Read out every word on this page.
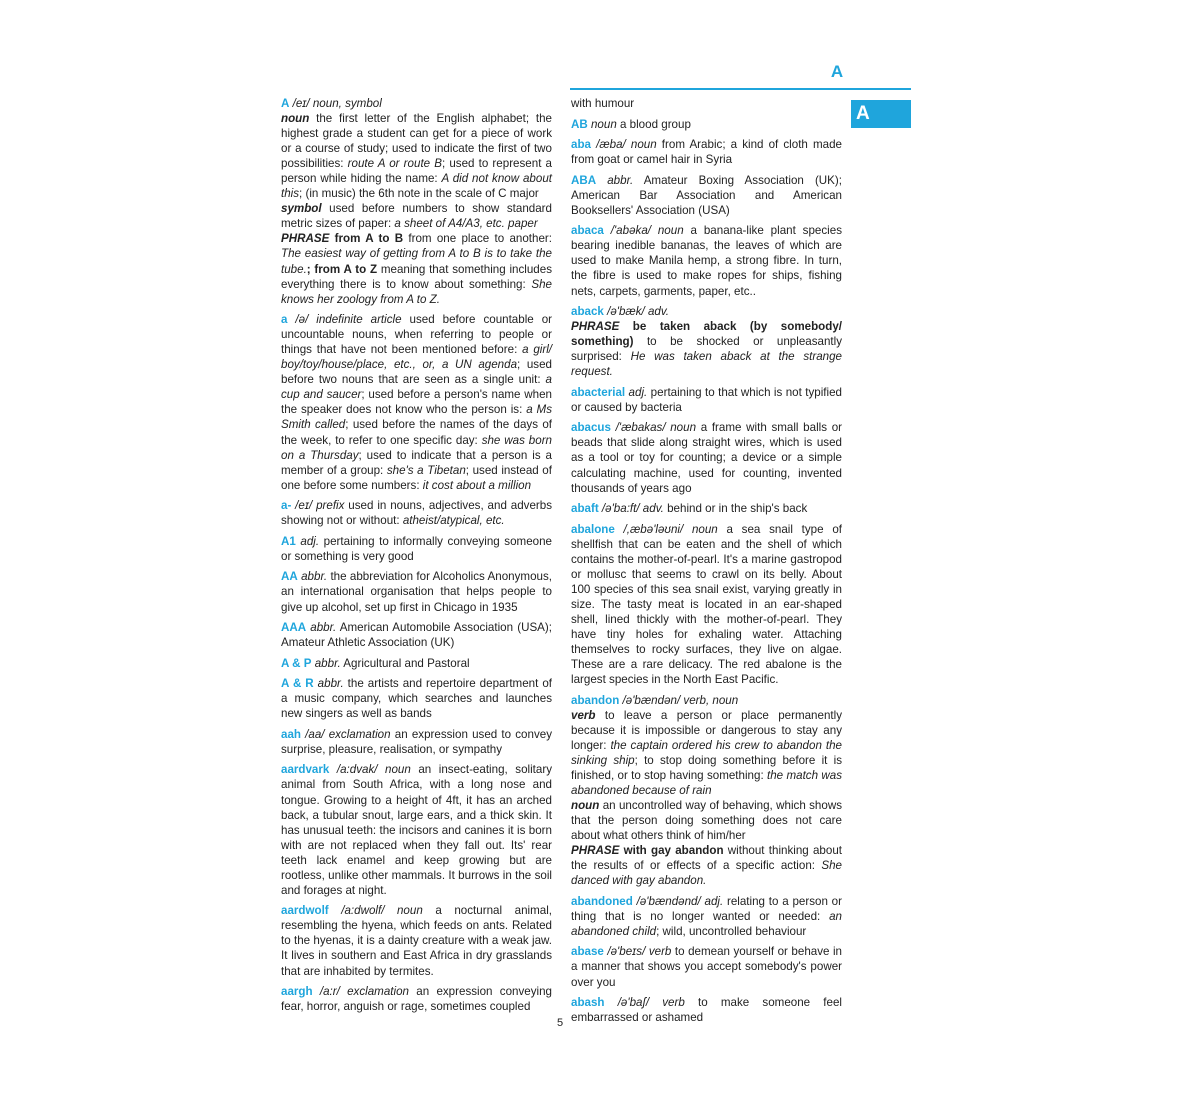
A
A

A /eɪ/ noun, symbol
noun the first letter of the English alphabet; the highest grade a student can get for a piece of work or a course of study; used to indicate the first of two possibilities: route A or route B; used to represent a person while hiding the name: A did not know about this; (in music) the 6th note in the scale of C major
symbol used before numbers to show standard metric sizes of paper: a sheet of A4/A3, etc. paper
PHRASE from A to B from one place to another: The easiest way of getting from A to B is to take the tube.; from A to Z meaning that something includes everything there is to know about something: She knows her zoology from A to Z.

a /ə/ indefinite article used before countable or uncountable nouns, when referring to people or things that have not been mentioned before: a girl/ boy/toy/house/place, etc., or, a UN agenda; used before two nouns that are seen as a single unit: a cup and saucer; used before a person's name when the speaker does not know who the person is: a Ms Smith called; used before the names of the days of the week, to refer to one specific day: she was born on a Thursday; used to indicate that a person is a member of a group: she's a Tibetan; used instead of one before some numbers: it cost about a million

a- /eɪ/ prefix used in nouns, adjectives, and adverbs showing not or without: atheist/atypical, etc.

A1 adj. pertaining to informally conveying someone or something is very good

AA abbr. the abbreviation for Alcoholics Anonymous, an international organisation that helps people to give up alcohol, set up first in Chicago in 1935

AAA abbr. American Automobile Association (USA); Amateur Athletic Association (UK)

A & P abbr. Agricultural and Pastoral

A & R abbr. the artists and repertoire department of a music company, which searches and launches new singers as well as bands

aah /aa/ exclamation an expression used to convey surprise, pleasure, realisation, or sympathy

aardvark /a:dvak/ noun an insect-eating, solitary animal from South Africa, with a long nose and tongue. Growing to a height of 4ft, it has an arched back, a tubular snout, large ears, and a thick skin. It has unusual teeth: the incisors and canines it is born with are not replaced when they fall out. Its' rear teeth lack enamel and keep growing but are rootless, unlike other mammals. It burrows in the soil and forages at night.

aardwolf /a:dwolf/ noun a nocturnal animal, resembling the hyena, which feeds on ants. Related to the hyenas, it is a dainty creature with a weak jaw. It lives in southern and East Africa in dry grasslands that are inhabited by termites.

aargh /a:r/ exclamation an expression conveying fear, horror, anguish or rage, sometimes coupled

with humour

AB noun a blood group

aba /æba/ noun from Arabic; a kind of cloth made from goat or camel hair in Syria

ABA abbr. Amateur Boxing Association (UK); American Bar Association and American Booksellers' Association (USA)

abaca /'abəka/ noun a banana-like plant species bearing inedible bananas, the leaves of which are used to make Manila hemp, a strong fibre. In turn, the fibre is used to make ropes for ships, fishing nets, carpets, garments, paper, etc..

aback /ə'bæk/ adv.
PHRASE be taken aback (by somebody/ something) to be shocked or unpleasantly surprised: He was taken aback at the strange request.

abacterial adj. pertaining to that which is not typified or caused by bacteria

abacus /'æbakas/ noun a frame with small balls or beads that slide along straight wires, which is used as a tool or toy for counting; a device or a simple calculating machine, used for counting, invented thousands of years ago

abaft /ə'ba:ft/ adv. behind or in the ship's back

abalone /,æbə'ləʊni/ noun a sea snail type of shellfish that can be eaten and the shell of which contains the mother-of-pearl. It's a marine gastropod or mollusc that seems to crawl on its belly. About 100 species of this sea snail exist, varying greatly in size. The tasty meat is located in an ear-shaped shell, lined thickly with the mother-of-pearl. They have tiny holes for exhaling water. Attaching themselves to rocky surfaces, they live on algae. These are a rare delicacy. The red abalone is the largest species in the North East Pacific.

abandon /ə'bændən/ verb, noun
verb to leave a person or place permanently because it is impossible or dangerous to stay any longer: the captain ordered his crew to abandon the sinking ship; to stop doing something before it is finished, or to stop having something: the match was abandoned because of rain
noun an uncontrolled way of behaving, which shows that the person doing something does not care about what others think of him/her
PHRASE with gay abandon without thinking about the results of or effects of a specific action: She danced with gay abandon.

abandoned /ə'bændənd/ adj. relating to a person or thing that is no longer wanted or needed: an abandoned child; wild, uncontrolled behaviour

abase /ə'beɪs/ verb to demean yourself or behave in a manner that shows you accept somebody's power over you

abash /ə'baʃ/ verb to make someone feel embarrassed or ashamed

5
